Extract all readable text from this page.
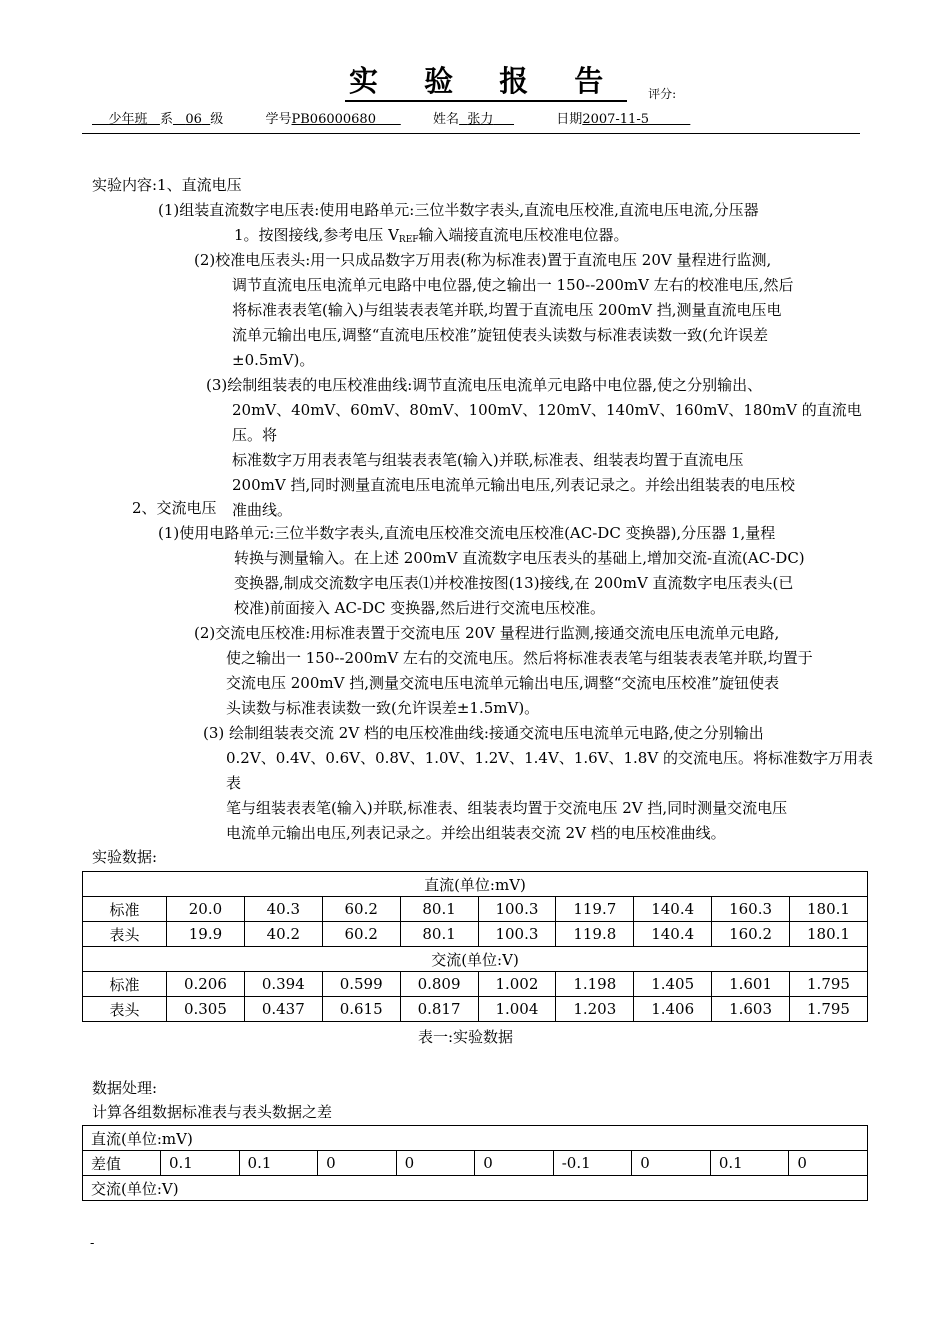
实 验 报 告 评分:
少年班 系 06 级	学号PB06000680	姓名 张力	日期2007-11-5
实验内容:1、直流电压
(1)组装直流数字电压表:使用电路单元:三位半数字表头,直流电压校准,直流电压电流,分压器
1。按图接线,参考电压 $V_{REF}$输入端接直流电压校准电位器。
(2)校准电压表头:用一只成品数字万用表(称为标准表)置于直流电压 20V 量程进行监测,
调节直流电压电流单元电路中电位器,使之输出一 150--200mV 左右的校准电压,然后
将标准表表笔(输入)与组装表表笔并联,均置于直流电压 200mV 挡,测量直流电压电
流单元输出电压,调整“直流电压校准”旋钮使表头读数与标准表读数一致(允许误差
±0.5mV)。
(3)绘制组装表的电压校准曲线:调节直流电压电流单元电路中电位器,使之分别输出、
20mV、40mV、60mV、80mV、100mV、120mV、140mV、160mV、180mV 的直流电压。将
标准数字万用表表笔与组装表表笔(输入)并联,标准表、组装表均置于直流电压
200mV 挡,同时测量直流电压电流单元输出电压,列表记录之。并绘出组装表的电压校
准曲线。
2、交流电压
(1)使用电路单元:三位半数字表头,直流电压校准交流电压校准(AC-DC 变换器),分压器 1,量程
转换与测量输入。在上述 200mV 直流数字电压表头的基础上,增加交流-直流(AC-DC)
变换器,制成交流数字电压表⑴并校准按图(13)接线,在 200mV 直流数字电压表头(已
校准)前面接入 AC-DC 变换器,然后进行交流电压校准。
(2)交流电压校准:用标准表置于交流电压 20V 量程进行监测,接通交流电压电流单元电路,
使之输出一 150--200mV 左右的交流电压。然后将标准表表笔与组装表表笔并联,均置于
交流电压 200mV 挡,测量交流电压电流单元输出电压,调整“交流电压校准”旋钮使表
头读数与标准表读数一致(允许误差±1.5mV)。
(3) 绘制组装表交流 2V 档的电压校准曲线:接通交流电压电流单元电路,使之分别输出
0.2V、0.4V、0.6V、0.8V、1.0V、1.2V、1.4V、1.6V、1.8V 的交流电压。将标准数字万用表表
笔与组装表表笔(输入)并联,标准表、组装表均置于交流电压 2V 挡,同时测量交流电压
电流单元输出电压,列表记录之。并绘出组装表交流 2V 档的电压校准曲线。
实验数据:
直流(单位:mV)									
标准	20.0	40.3	60.2	80.1	100.3	119.7	140.4	160.3	180.1
表头	19.9	40.2	60.2	80.1	100.3	119.8	140.4	160.2	180.1
交流(单位:V)									
标准	0.206	0.394	0.599	0.809	1.002	1.198	1.405	1.601	1.795
表头	0.305	0.437	0.615	0.817	1.004	1.203	1.406	1.603	1.795
表一:实验数据
数据处理:
计算各组数据标准表与表头数据之差
直流(单位:mV)
差值	0.1	0.1	0	0	0	-0.1	0	0.1	0
交流(单位:V)
-
